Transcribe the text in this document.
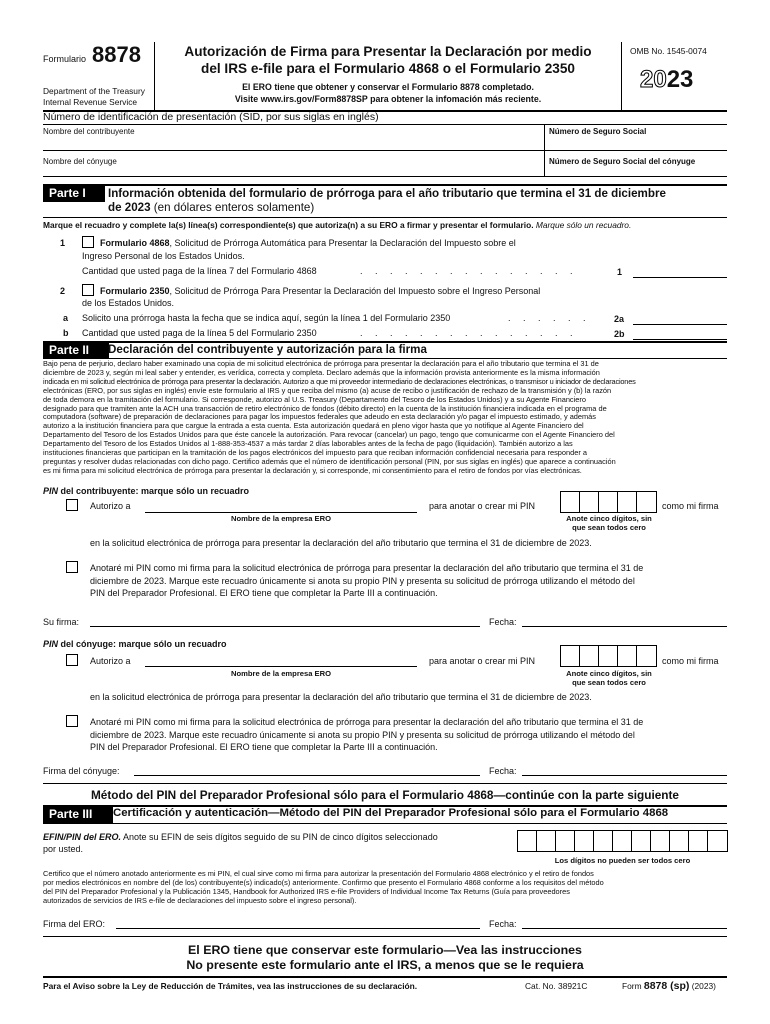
Formulario 8878
Department of the Treasury
Internal Revenue Service
Autorización de Firma para Presentar la Declaración por medio
del IRS e-file para el Formulario 4868 o el Formulario 2350
El ERO tiene que obtener y conservar el Formulario 8878 completado.
Visite www.irs.gov/Form8878SP para obtener la infomación más reciente.
OMB No. 1545-0074
2023
Número de identificación de presentación (SID, por sus siglas en inglés)
Nombre del contribuyente	Número de Seguro Social
Nombre del cónyuge	Número de Seguro Social del cónyuge
Parte I	Información obtenida del formulario de prórroga para el año tributario que termina el 31 de diciembre
de 2023 (en dólares enteros solamente)
Marque el recuadro y complete la(s) línea(s) correspondiente(s) que autoriza(n) a su ERO a firmar y presentar el formulario. Marque sólo un recuadro.
1	Formulario 4868, Solicitud de Prórroga Automática para Presentar la Declaración del Impuesto sobre el
Ingreso Personal de los Estados Unidos.
Cantidad que usted paga de la línea 7 del Formulario 4868	. . . . . . . . . . . . . . .	1
2	Formulario 2350, Solicitud de Prórroga Para Presentar la Declaración del Impuesto sobre el Ingreso Personal
de los Estados Unidos.
a Solicito una prórroga hasta la fecha que se indica aquí, según la línea 1 del Formulario 2350	. . . . . .	2a
b Cantidad que usted paga de la línea 5 del Formulario 2350	. . . . . . . . . . . . . . .	2b
Parte II	Declaración del contribuyente y autorización para la firma
Bajo pena de perjurio, declaro haber examinado una copia de mi solicitud electrónica de prórroga para presentar la declaración para el año tributario que termina el 31 de
diciembre de 2023 y, según mi leal saber y entender, es verídica, correcta y completa. Declaro además que la información provista anteriormente es la misma información
indicada en mi solicitud electrónica de prórroga para presentar la declaración. Autorizo a que mi proveedor intermediario de declaraciones electrónicas, o transmisor u iniciador de declaraciones
electrónicas (ERO, por sus siglas en inglés) envíe este formulario al IRS y que reciba del mismo (a) acuse de recibo o justificación de rechazo de la transmisión y (b) la razón
de toda demora en la tramitación del formulario. Si corresponde, autorizo al U.S. Treasury (Departamento del Tesoro de los Estados Unidos) y a su Agente Financiero
designado para que tramiten ante la ACH una transacción de retiro electrónico de fondos (débito directo) en la cuenta de la institución financiera indicada en el programa de
computadora (software) de preparación de declaraciones para pagar los impuestos federales que adeudo en esta declaración y/o pagar el impuesto estimado, y además
autorizo a la institución financiera para que cargue la entrada a esta cuenta. Esta autorización quedará en pleno vigor hasta que yo notifique al Agente Financiero del
Departamento del Tesoro de los Estados Unidos para que éste cancele la autorización. Para revocar (cancelar) un pago, tengo que comunicarme con el Agente Financiero del
Departamento del Tesoro de los Estados Unidos al 1-888-353-4537 a más tardar 2 días laborables antes de la fecha de pago (liquidación). También autorizo a las
instituciones financieras que participan en la tramitación de los pagos electrónicos del impuesto para que reciban información confidencial necesaria para responder a
preguntas y resolver dudas relacionadas con dicho pago. Certifico además que el número de identificación personal (PIN, por sus siglas en inglés) que aparece a continuación
es mi firma para mi solicitud electrónica de prórroga para presentar la declaración y, si corresponde, mi consentimiento para el retiro de fondos por vías electrónicas.
PIN del contribuyente: marque sólo un recuadro
Autorizo a
Nombre de la empresa ERO
para anotar o crear mi PIN	como mi firma
Anote cinco dígitos, sin
que sean todos cero
en la solicitud electrónica de prórroga para presentar la declaración del año tributario que termina el 31 de diciembre de 2023.
Anotaré mi PIN como mi firma para la solicitud electrónica de prórroga para presentar la declaración del año tributario que termina el 31 de
diciembre de 2023. Marque este recuadro únicamente si anota su propio PIN y presenta su solicitud de prórroga utilizando el método del
PIN del Preparador Profesional. El ERO tiene que completar la Parte III a continuación.
Su firma:	Fecha:
PIN del cónyuge: marque sólo un recuadro
Autorizo a
Nombre de la empresa ERO
para anotar o crear mi PIN	como mi firma
Anote cinco dígitos, sin
que sean todos cero
en la solicitud electrónica de prórroga para presentar la declaración del año tributario que termina el 31 de diciembre de 2023.
Anotaré mi PIN como mi firma para la solicitud electrónica de prórroga para presentar la declaración del año tributario que termina el 31 de
diciembre de 2023. Marque este recuadro únicamente si anota su propio PIN y presenta su solicitud de prórroga utilizando el método del
PIN del Preparador Profesional. El ERO tiene que completar la Parte III a continuación.
Firma del cónyuge:	Fecha:
Método del PIN del Preparador Profesional sólo para el Formulario 4868—continúe con la parte siguiente
Parte III	Certificación y autenticación—Método del PIN del Preparador Profesional sólo para el Formulario 4868
EFIN/PIN del ERO. Anote su EFIN de seis dígitos seguido de su PIN de cinco dígitos seleccionado
por usted.
Los dígitos no pueden ser todos cero
Certifico que el número anotado anteriormente es mi PIN, el cual sirve como mi firma para autorizar la presentación del Formulario 4868 electrónico y el retiro de fondos
por medios electrónicos en nombre del (de los) contribuyente(s) indicado(s) anteriormente. Confirmo que presento el Formulario 4868 conforme a los requisitos del método
del PIN del Preparador Profesional y la Publicación 1345, Handbook for Authorized IRS e-file Providers of Individual Income Tax Returns (Guía para proveedores
autorizados de servicios de IRS e-file de declaraciones del impuesto sobre el ingreso personal).
Firma del ERO:	Fecha:
El ERO tiene que conservar este formulario—Vea las instrucciones
No presente este formulario ante el IRS, a menos que se le requiera
Para el Aviso sobre la Ley de Reducción de Trámites, vea las instrucciones de su declaración.	Cat. No. 38921C	Form 8878 (sp) (2023)
